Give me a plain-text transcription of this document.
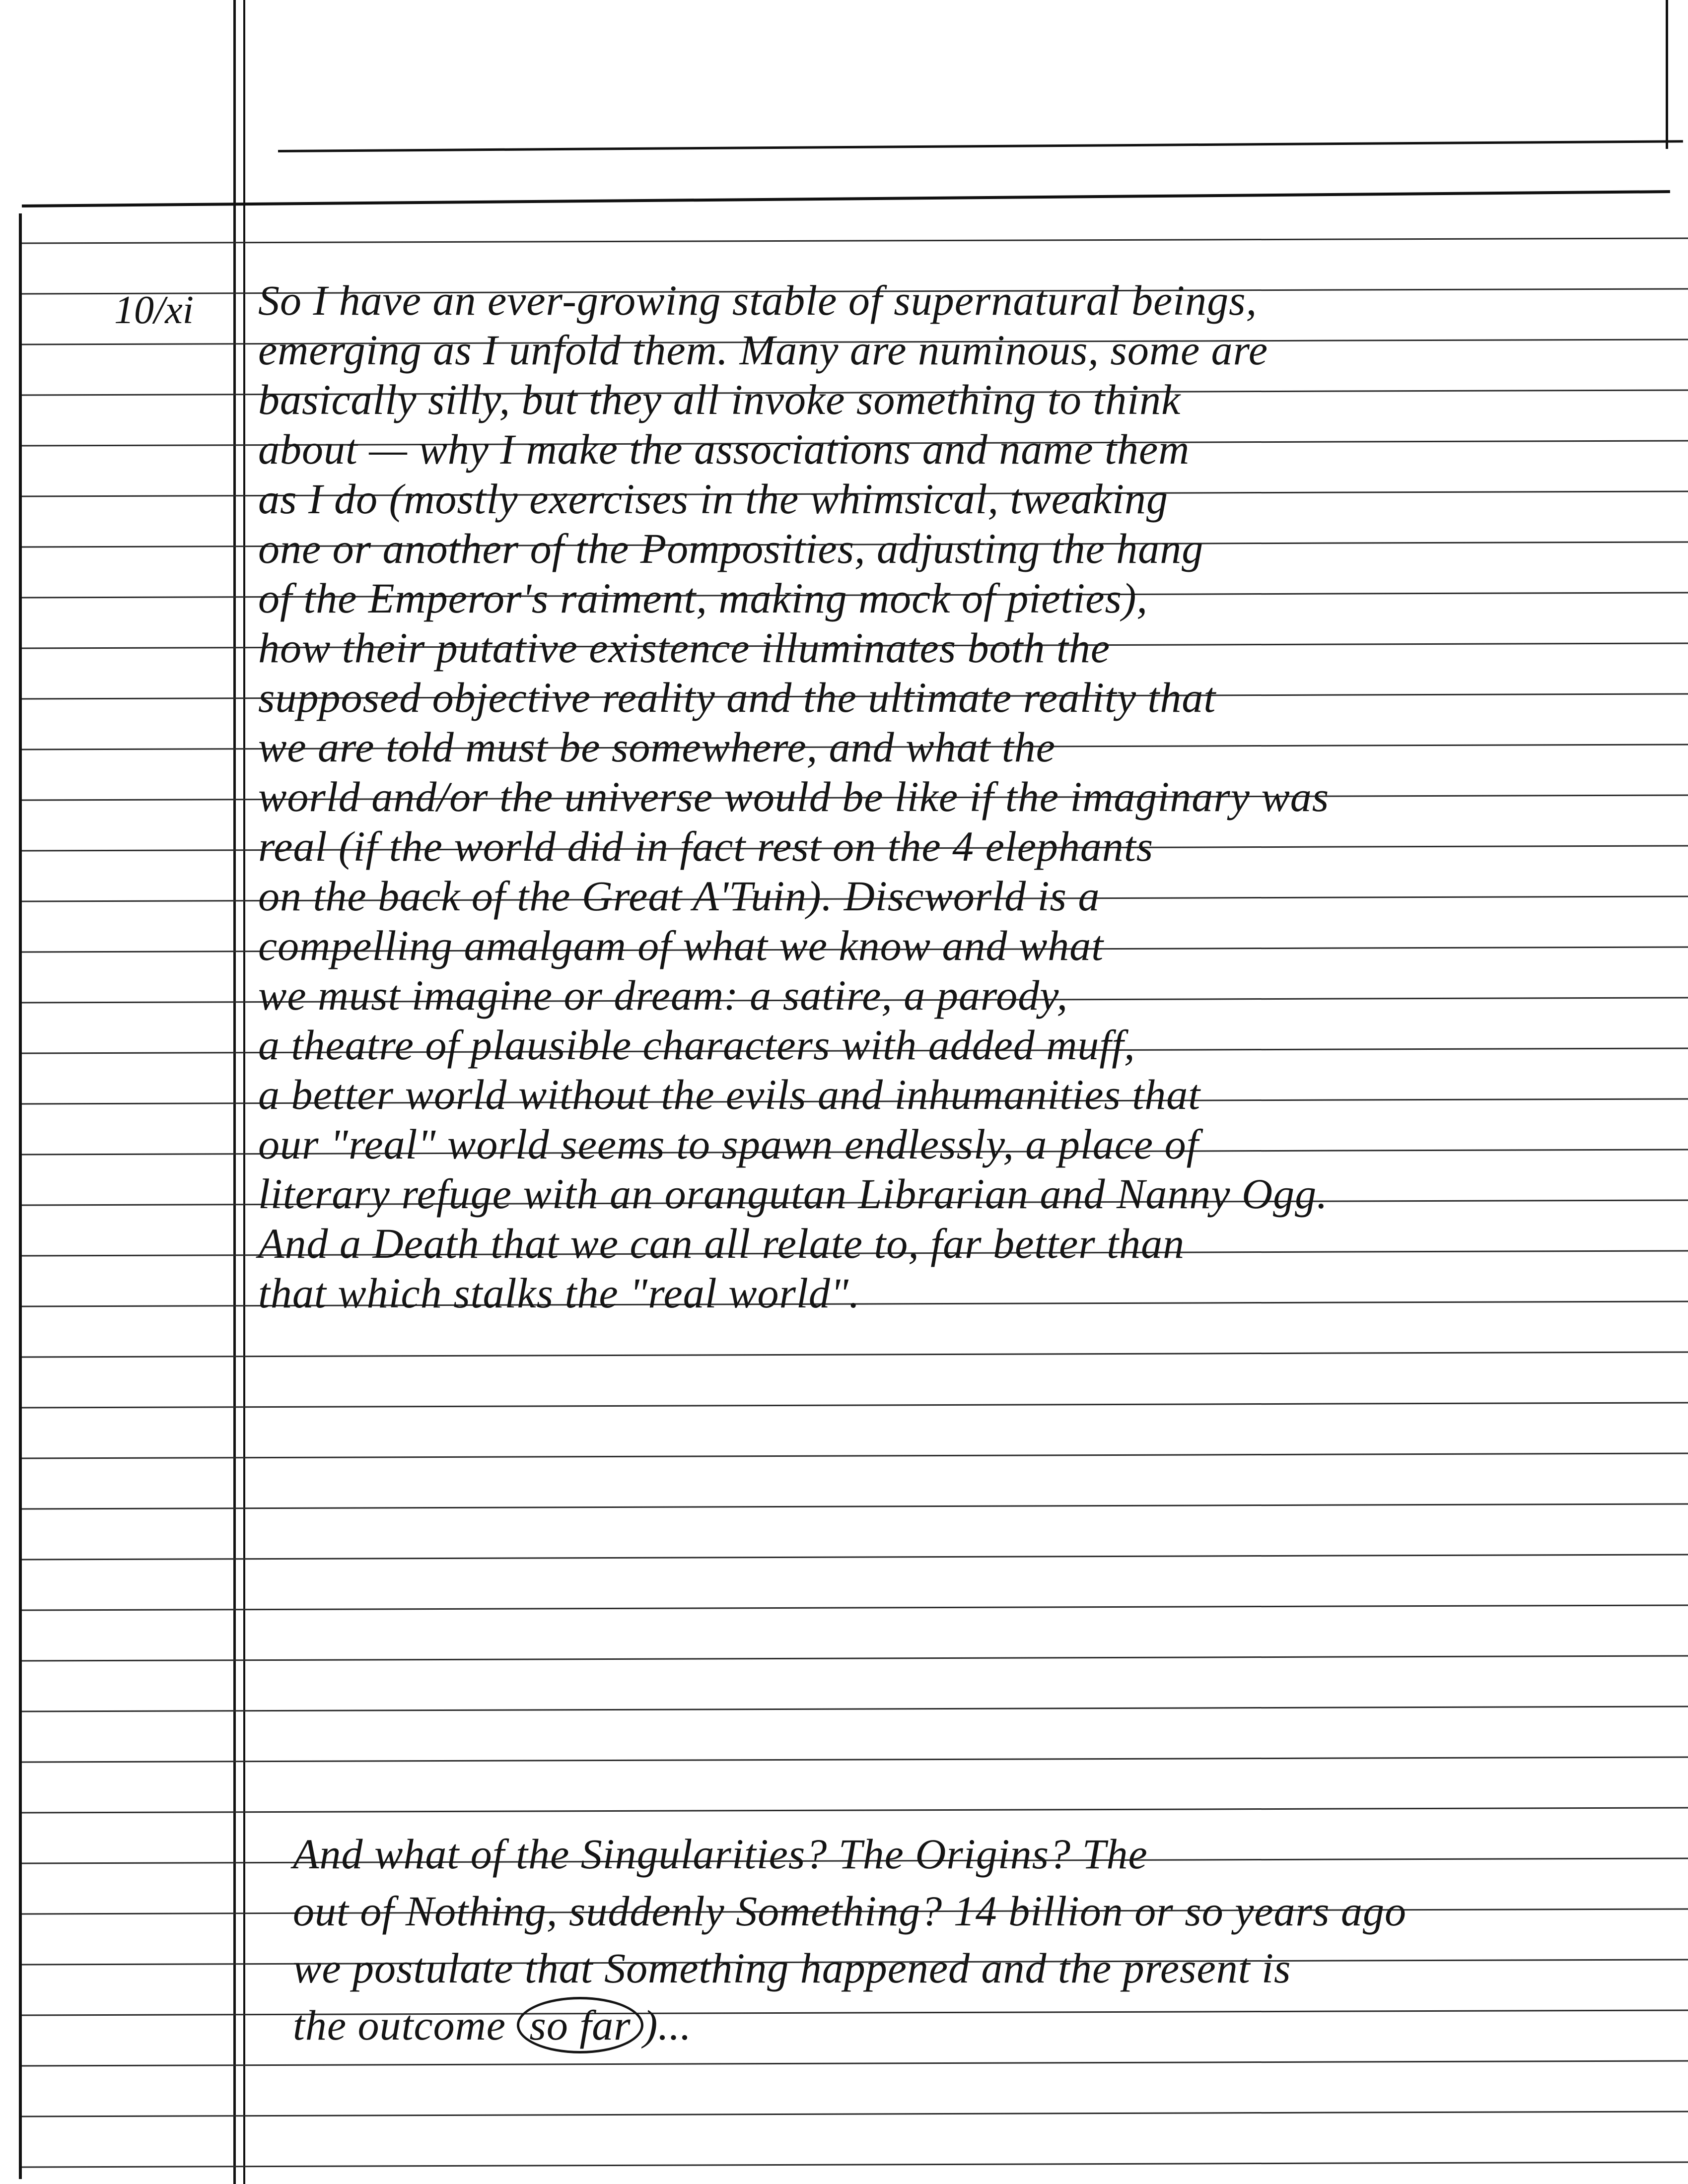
10/xi So I have an ever-growing stable of supernatural beings,
emerging as I unfold them. Many are numinous, some are
basically silly, but they all invoke something to think
about — why I make the associations and name them
as I do (mostly exercises in the whimsical, tweaking
one or another of the Pomposities, adjusting the hang
of the Emperor's raiment, making mock of pieties),
how their putative existence illuminates both the
supposed objective reality and the ultimate reality that
we are told must be somewhere, and what the
world and/or the universe would be like if the imaginary was
real (if the world did in fact rest on the 4 elephants
on the back of the Great A'Tuin). Discworld is a
compelling amalgam of what we know and what
we must imagine or dream: a satire, a parody,
a theatre of plausible characters with added muff,
a better world without the evils and inhumanities that
our "real" world seems to spawn endlessly, a place of
literary refuge with an orangutan Librarian and Nanny Ogg.
And a Death that we can all relate to, far better than
that which stalks the "real world".
And what of the Singularities? The Origins? The
out of Nothing, suddenly Something? 14 billion or so years ago
we postulate that Something happened and the present is
the outcome so far )...
